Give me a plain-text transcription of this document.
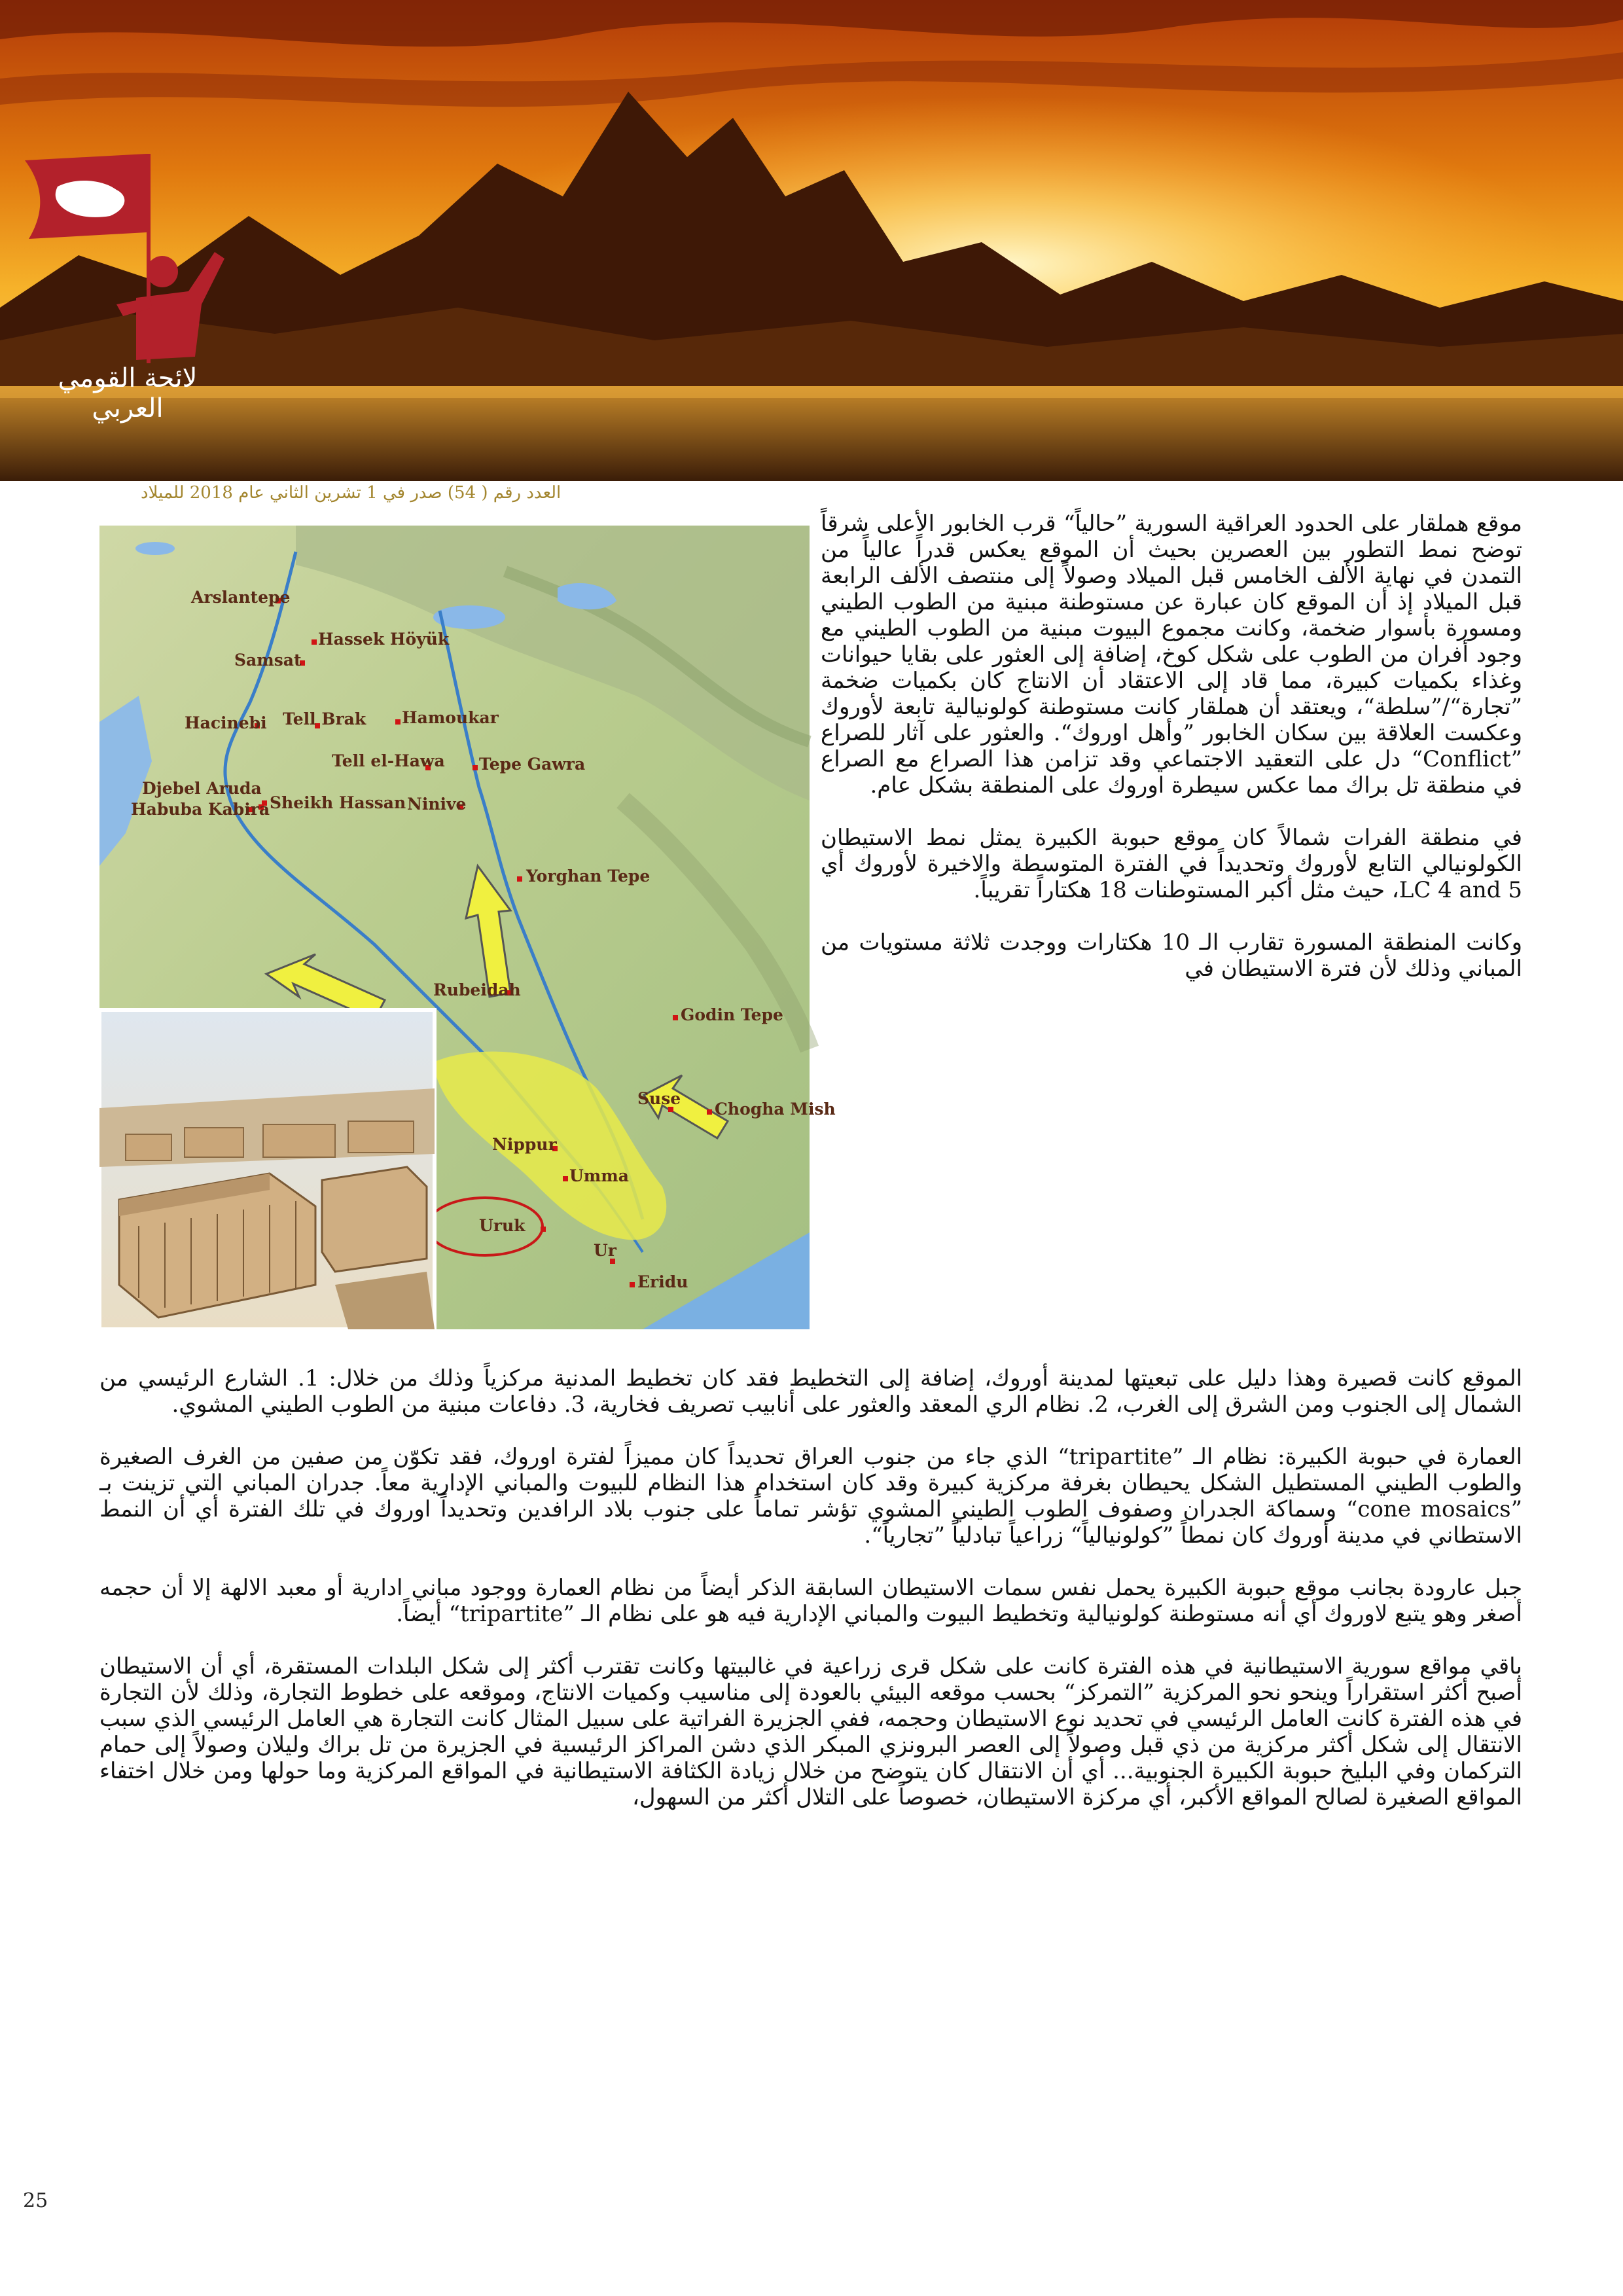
لائحة القومي العربي
العدد رقم ( 54) صدر في 1 تشرين الثاني عام 2018 للميلاد
Arslantepe
Hassek Höyük
Samsat
Hacinebi Tell Brak Hamoukar
Tell el-Hawa Tepe Gawra
Djebel Aruda
Habuba Kabira Sheikh Hassan Ninive
Yorghan Tepe
Rubeidah
Godin Tepe
Suse
Chogha Mish
Nippur
Umma
Uruk
Ur
Eridu

موقع هملقار على الحدود العراقية السورية ”حالياً“ قرب الخابور الأعلى شرقاً توضح نمط التطور بين العصرين بحيث أن الموقع يعكس قدراً عالياً من التمدن في نهاية الألف الخامس قبل الميلاد وصولاً إلى منتصف الألف الرابعة قبل الميلاد إذ أن الموقع كان عبارة عن مستوطنة مبنية من الطوب الطيني ومسورة بأسوار ضخمة، وكانت مجموع البيوت مبنية من الطوب الطيني مع وجود أفران من الطوب على شكل كوخ، إضافة إلى العثور على بقايا حيوانات وغذاء بكميات كبيرة، مما قاد إلى الاعتقاد أن الانتاج كان بكميات ضخمة ”تجارة“/”سلطة“، ويعتقد أن هملقار كانت مستوطنة كولونيالية تابعة لأوروك وعكست العلاقة بين سكان الخابور ”وأهل اوروك“. والعثور على آثار للصراع ”Conflict“ دل على التعقيد الاجتماعي وقد تزامن هذا الصراع مع الصراع في منطقة تل براك مما عكس سيطرة اوروك على المنطقة بشكل عام.

في منطقة الفرات شمالاً كان موقع حبوبة الكبيرة يمثل نمط الاستيطان الكولونيالي التابع لأوروك وتحديداً في الفترة المتوسطة والاخيرة لأوروك أي LC 4 and 5، حيث مثل أكبر المستوطنات 18 هكتاراً تقريباً.

وكانت المنطقة المسورة تقارب الـ 10 هكتارات ووجدت ثلاثة مستويات من المباني وذلك لأن فترة الاستيطان في

الموقع كانت قصيرة وهذا دليل على تبعيتها لمدينة أوروك، إضافة إلى التخطيط فقد كان تخطيط المدنية مركزياً وذلك من خلال: 1. الشارع الرئيسي من الشمال إلى الجنوب ومن الشرق إلى الغرب، 2. نظام الري المعقد والعثور على أنابيب تصريف فخارية، 3. دفاعات مبنية من الطوب الطيني المشوي.

العمارة في حبوبة الكبيرة: نظام الـ ”tripartite“ الذي جاء من جنوب العراق تحديداً كان مميزاً لفترة اوروك، فقد تكوّن من صفين من الغرف الصغيرة والطوب الطيني المستطيل الشكل يحيطان بغرفة مركزية كبيرة وقد كان استخدام هذا النظام للبيوت والمباني الإدارية معاً. جدران المباني التي تزينت بـ ”cone mosaics“ وسماكة الجدران وصفوف الطوب الطيني المشوي تؤشر تماماً على جنوب بلاد الرافدين وتحديداً اوروك في تلك الفترة أي أن النمط الاستطاني في مدينة أوروك كان نمطاً ”كولونيالياً“ زراعياً تبادلياً ”تجارياً“.

جبل عارودة بجانب موقع حبوبة الكبيرة يحمل نفس سمات الاستيطان السابقة الذكر أيضاً من نظام العمارة ووجود مباني ادارية أو معبد الالهة إلا أن حجمه أصغر وهو يتبع لاوروك أي أنه مستوطنة كولونيالية وتخطيط البيوت والمباني الإدارية فيه هو على نظام الـ ”tripartite“ أيضاً.

باقي مواقع سورية الاستيطانية في هذه الفترة كانت على شكل قرى زراعية في غالبيتها وكانت تقترب أكثر إلى شكل البلدات المستقرة، أي أن الاستيطان أصبح أكثر استقراراً وينحو نحو المركزية ”التمركز“ بحسب موقعه البيئي بالعودة إلى مناسيب وكميات الانتاج، وموقعه على خطوط التجارة، وذلك لأن التجارة في هذه الفترة كانت العامل الرئيسي في تحديد نوع الاستيطان وحجمه، ففي الجزيرة الفراتية على سبيل المثال كانت التجارة هي العامل الرئيسي الذي سبب الانتقال إلى شكل أكثر مركزية من ذي قبل وصولاً إلى العصر البرونزي المبكر الذي دشن المراكز الرئيسية في الجزيرة من تل براك وليلان وصولاً إلى حمام التركمان وفي البليخ حبوبة الكبيرة الجنوبية... أي أن الانتقال كان يتوضح من خلال زيادة الكثافة الاستيطانية في المواقع المركزية وما حولها ومن خلال اختفاء المواقع الصغيرة لصالح المواقع الأكبر، أي مركزة الاستيطان، خصوصاً على التلال أكثر من السهول،

25
